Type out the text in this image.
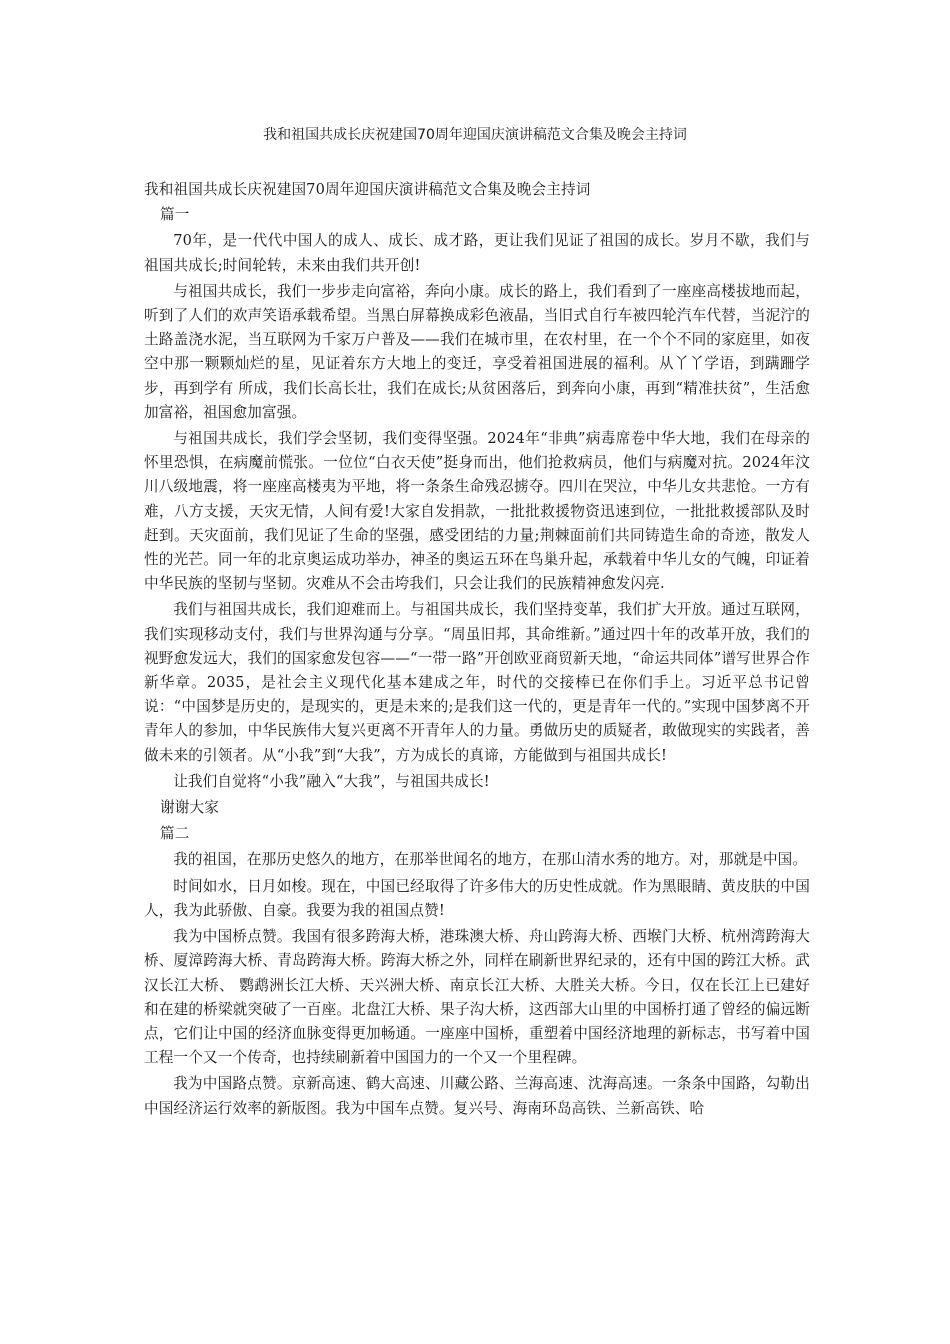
我和祖国共成长庆祝建国70周年迎国庆演讲稿范文合集及晚会主持词
我和祖国共成长庆祝建国70周年迎国庆演讲稿范文合集及晚会主持词

篇一

70年，是一代代中国人的成人、成长、成才路，更让我们见证了祖国的成长。岁月不歇，我们与祖国共成长;时间轮转，未来由我们共开创!

与祖国共成长，我们一步步走向富裕，奔向小康。成长的路上，我们看到了一座座高楼拔地而起，听到了人们的欢声笑语承载希望。当黑白屏幕换成彩色液晶，当旧式自行车被四轮汽车代替，当泥泞的土路盖浇水泥，当互联网为千家万户普及——我们在城市里，在农村里，在一个个不同的家庭里，如夜空中那一颗颗灿烂的星，见证着东方大地上的变迁，享受着祖国进展的福利。从丫丫学语，到蹒跚学步，再到学有 所成，我们长高长壮，我们在成长;从贫困落后，到奔向小康，再到“精准扶贫”，生活愈加富裕，祖国愈加富强。

与祖国共成长，我们学会坚韧，我们变得坚强。2024年“非典”病毒席卷中华大地，我们在母亲的怀里恐惧，在病魔前慌张。一位位“白衣天使”挺身而出，他们抢救病员，他们与病魔对抗。2024年汶川八级地震，将一座座高楼夷为平地，将一条条生命残忍掳夺。四川在哭泣，中华儿女共悲怆。一方有难，八方支援，天灾无情，人间有爱!大家自发捐款，一批批救援物资迅速到位，一批批救援部队及时赶到。天灾面前，我们见证了生命的坚强，感受团结的力量;荆棘面前们共同铸造生命的奇迹，散发人性的光芒。同一年的北京奥运成功举办，神圣的奥运五环在鸟巢升起，承载着中华儿女的气魄，印证着中华民族的坚韧与坚韧。灾难从不会击垮我们，只会让我们的民族精神愈发闪亮.

我们与祖国共成长，我们迎难而上。与祖国共成长，我们坚持变革，我们扩大开放。通过互联网，我们实现移动支付，我们与世界沟通与分享。“周虽旧邦，其命维新。”通过四十年的改革开放，我们的视野愈发远大，我们的国家愈发包容——“一带一路”开创欧亚商贸新天地，“命运共同体”谱写世界合作新华章。2035，是社会主义现代化基本建成之年，时代的交接棒已在你们手上。习近平总书记曾说：“中国梦是历史的，是现实的，更是未来的;是我们这一代的，更是青年一代的。”实现中国梦离不开青年人的参加，中华民族伟大复兴更离不开青年人的力量。勇做历史的质疑者，敢做现实的实践者，善做未来的引领者。从“小我”到“大我”，方为成长的真谛，方能做到与祖国共成长!

让我们自觉将“小我”融入“大我”，与祖国共成长!

谢谢大家

篇二

我的祖国，在那历史悠久的地方，在那举世闻名的地方，在那山清水秀的地方。对，那就是中国。

时间如水，日月如梭。现在，中国已经取得了许多伟大的历史性成就。作为黑眼睛、黄皮肤的中国人，我为此骄傲、自豪。我要为我的祖国点赞!

我为中国桥点赞。我国有很多跨海大桥，港珠澳大桥、舟山跨海大桥、西堠门大桥、杭州湾跨海大桥、厦漳跨海大桥、青岛跨海大桥。跨海大桥之外，同样在刷新世界纪录的，还有中国的跨江大桥。武汉长江大桥、 鹦鹉洲长江大桥、天兴洲大桥、南京长江大桥、大胜关大桥。今日，仅在长江上已建好和在建的桥梁就突破了一百座。北盘江大桥、果子沟大桥，这西部大山里的中国桥打通了曾经的偏远断点，它们让中国的经济血脉变得更加畅通。一座座中国桥，重塑着中国经济地理的新标志，书写着中国工程一个又一个传奇，也持续刷新着中国国力的一个又一个里程碑。

我为中国路点赞。京新高速、鹤大高速、川藏公路、兰海高速、沈海高速。一条条中国路，勾勒出中国经济运行效率的新版图。我为中国车点赞。复兴号、海南环岛高铁、兰新高铁、哈
